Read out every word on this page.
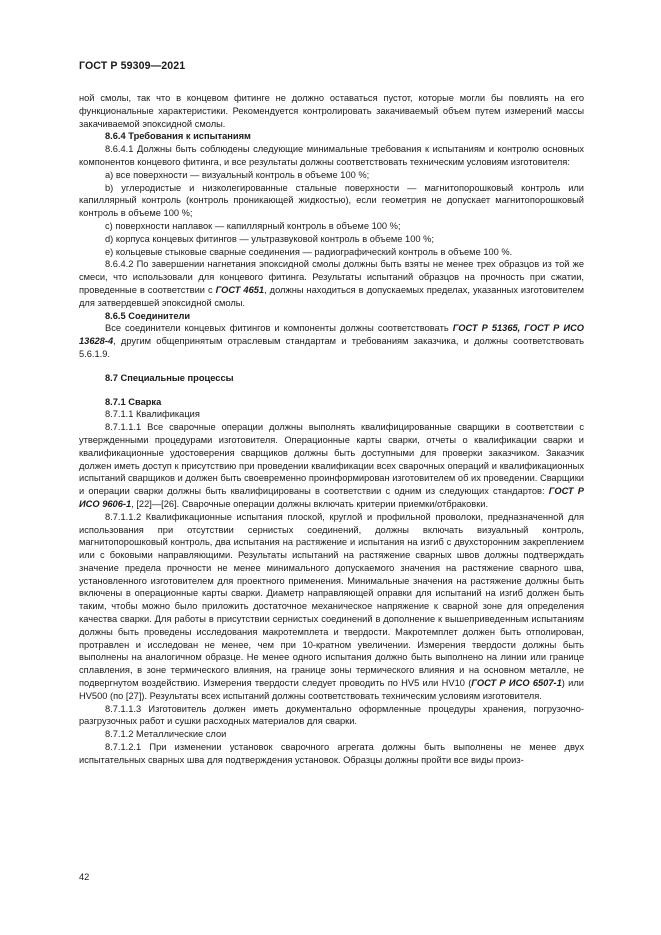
ГОСТ Р 59309—2021

ной смолы, так что в концевом фитинге не должно оставаться пустот, которые могли бы повлиять на его функциональные характеристики. Рекомендуется контролировать закачиваемый объем путем измерений массы закачиваемой эпоксидной смолы.

8.6.4 Требования к испытаниям

8.6.4.1 Должны быть соблюдены следующие минимальные требования к испытаниям и контролю основных компонентов концевого фитинга, и все результаты должны соответствовать техническим условиям изготовителя:

а) все поверхности — визуальный контроль в объеме 100 %;

b) углеродистые и низколегированные стальные поверхности — магнитопорошковый контроль или капиллярный контроль (контроль проникающей жидкостью), если геометрия не допускает магнитопорошковый контроль в объеме 100 %;

с) поверхности наплавок — капиллярный контроль в объеме 100 %;

d) корпуса концевых фитингов — ультразвуковой контроль в объеме 100 %;

е) кольцевые стыковые сварные соединения — радиографический контроль в объеме 100 %.

8.6.4.2 По завершении нагнетания эпоксидной смолы должны быть взяты не менее трех образцов из той же смеси, что использовали для концевого фитинга. Результаты испытаний образцов на прочность при сжатии, проведенные в соответствии с ГОСТ 4651, должны находиться в допускаемых пределах, указанных изготовителем для затвердевшей эпоксидной смолы.

8.6.5 Соединители

Все соединители концевых фитингов и компоненты должны соответствовать ГОСТ Р 51365, ГОСТ Р ИСО 13628-4, другим общепринятым отраслевым стандартам и требованиям заказчика, и должны соответствовать 5.6.1.9.

8.7 Специальные процессы

8.7.1 Сварка

8.7.1.1 Квалификация

8.7.1.1.1 Все сварочные операции должны выполнять квалифицированные сварщики в соответствии с утвержденными процедурами изготовителя. Операционные карты сварки, отчеты о квалификации сварки и квалификационные удостоверения сварщиков должны быть доступными для проверки заказчиком. Заказчик должен иметь доступ к присутствию при проведении квалификации всех сварочных операций и квалификационных испытаний сварщиков и должен быть своевременно проинформирован изготовителем об их проведении. Сварщики и операции сварки должны быть квалифицированы в соответствии с одним из следующих стандартов: ГОСТ Р ИСО 9606-1, [22]—[26]. Сварочные операции должны включать критерии приемки/отбраковки.

8.7.1.1.2 Квалификационные испытания плоской, круглой и профильной проволоки, предназначенной для использования при отсутствии сернистых соединений, должны включать визуальный контроль, магнитопорошковый контроль, два испытания на растяжение и испытания на изгиб с двухсторонним закреплением или с боковыми направляющими. Результаты испытаний на растяжение сварных швов должны подтверждать значение предела прочности не менее минимального допускаемого значения на растяжение сварного шва, установленного изготовителем для проектного применения. Минимальные значения на растяжение должны быть включены в операционные карты сварки. Диаметр направляющей оправки для испытаний на изгиб должен быть таким, чтобы можно было приложить достаточное механическое напряжение к сварной зоне для определения качества сварки. Для работы в присутствии сернистых соединений в дополнение к вышеприведенным испытаниям должны быть проведены исследования макротемплета и твердости. Макротемплет должен быть отполирован, протравлен и исследован не менее, чем при 10-кратном увеличении. Измерения твердости должны быть выполнены на аналогичном образце. Не менее одного испытания должно быть выполнено на линии или границе сплавления, в зоне термического влияния, на границе зоны термического влияния и на основном металле, не подвергнутом воздействию. Измерения твердости следует проводить по HV5 или HV10 (ГОСТ Р ИСО 6507-1) или HV500 (по [27]). Результаты всех испытаний должны соответствовать техническим условиям изготовителя.

8.7.1.1.3 Изготовитель должен иметь документально оформленные процедуры хранения, погрузочно-разгрузочных работ и сушки расходных материалов для сварки.

8.7.1.2 Металлические слои

8.7.1.2.1 При изменении установок сварочного агрегата должны быть выполнены не менее двух испытательных сварных шва для подтверждения установок. Образцы должны пройти все виды произ-

42
